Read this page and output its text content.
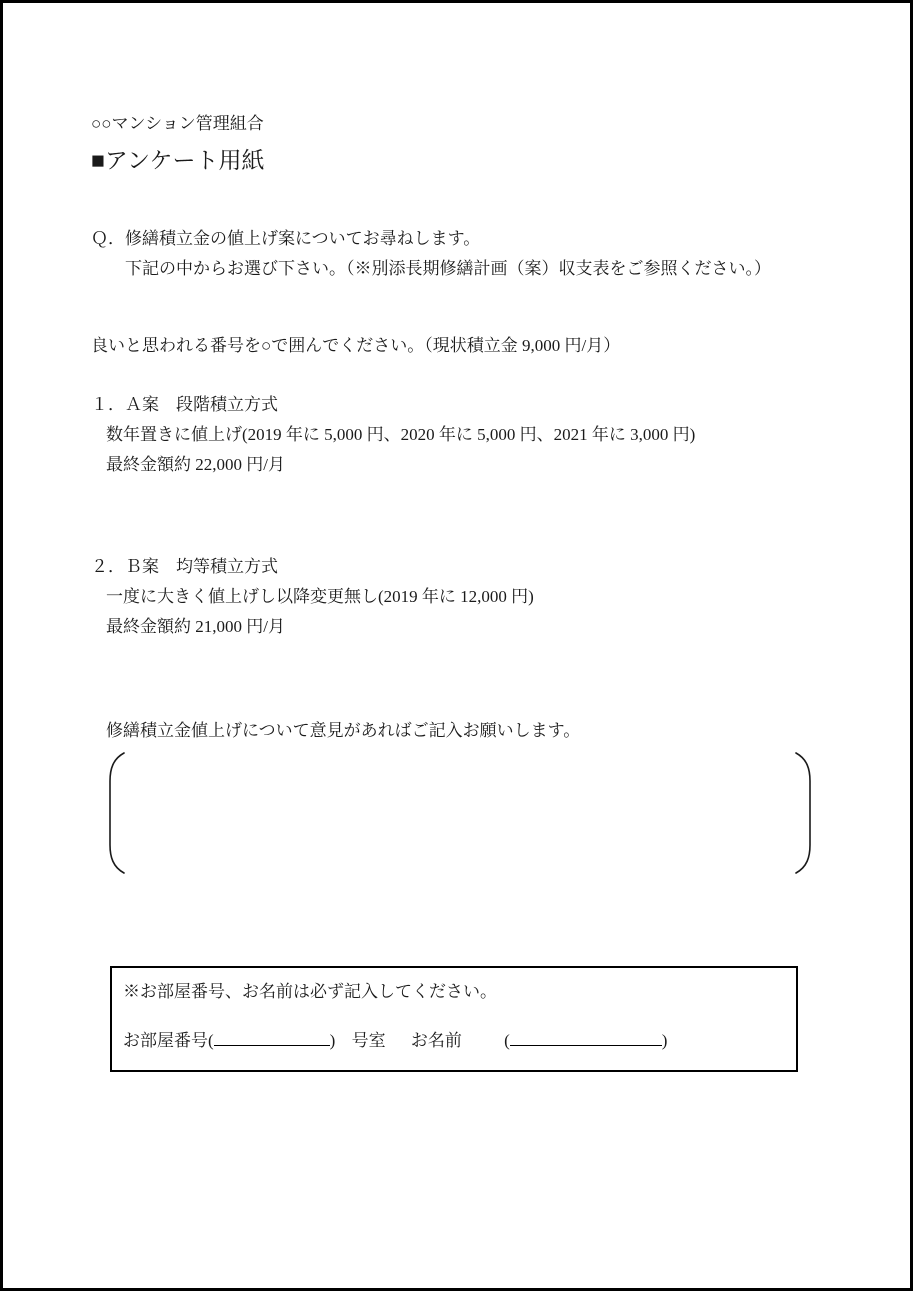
○○マンション管理組合
■アンケート用紙
Ｑ．修繕積立金の値上げ案についてお尋ねします。
下記の中からお選び下さい。（※別添長期修繕計画（案）収支表をご参照ください。）
良いと思われる番号を○で囲んでください。（現状積立金 9,000 円/月）
１．Ａ案　段階積立方式
数年置きに値上げ(2019 年に 5,000 円、2020 年に 5,000 円、2021 年に 3,000 円)
最終金額約 22,000 円/月
２．Ｂ案　均等積立方式
一度に大きく値上げし以降変更無し(2019 年に 12,000 円)
最終金額約 21,000 円/月
修繕積立金値上げについて意見があればご記入お願いします。
※お部屋番号、お名前は必ず記入してください。
お部屋番号(	) 号室 お名前 (	)
